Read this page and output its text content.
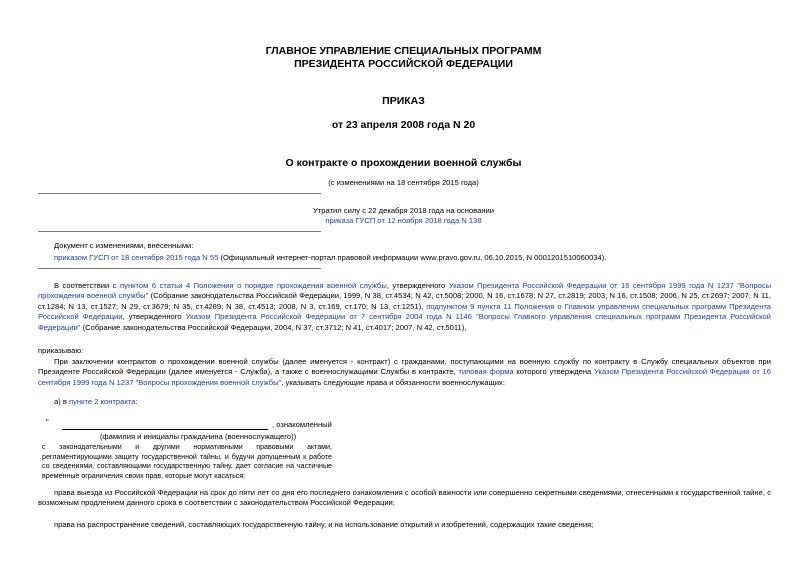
ГЛАВНОЕ УПРАВЛЕНИЕ СПЕЦИАЛЬНЫХ ПРОГРАММ
ПРЕЗИДЕНТА РОССИЙСКОЙ ФЕДЕРАЦИИ
ПРИКАЗ
от 23 апреля 2008 года N 20
О контракте о прохождении военной службы
(с изменениями на 18 сентября 2015 года)
Утратил силу с 22 декабря 2018 года на основании
приказа ГУСП от 12 ноября 2018 года N 138
Документ с изменениями, внесенными:
приказом ГУСП от 18 сентября 2015 года N 55 (Официальный интернет-портал правовой информации www.pravo.gov.ru, 06.10.2015, N 0001201510060034).
В соответствии с пунктом 6 статьи 4 Положения о порядке прохождения военной службы, утвержденного Указом Президента Российской Федерации от 16 сентября 1999 года N 1237 "Вопросы прохождения военной службы" (Собрание законодательства Российской Федерации, 1999, N 38, ст.4534; N 42, ст.5008; 2000, N 16, ст.1678; N 27, ст.2819; 2003, N 16, ст.1508; 2006, N 25, ст.2697; 2007, N 11, ст.1284; N 13, ст.1527; N 29, ст.3679; N 35, ст.4289; N 38, ст.4513; 2008, N 3, ст.169, ст.170; N 13, ст.1251), подпунктом 9 пункта 11 Положения о Главном управлении специальных программ Президента Российской Федерации, утвержденного Указом Президента Российской Федерации от 7 сентября 2004 года N 1146 "Вопросы Главного управления специальных программ Президента Российской Федерации" (Собрание законодательства Российской Федерации, 2004, N 37, ст.3712; N 41, ст.4017; 2007, N 42, ст.5011),
приказываю:
При заключении контрактов о прохождении военной службы (далее именуется - контракт) с гражданами, поступающими на военную службу по контракту в Службу специальных объектов при Президенте Российской Федерации (далее именуется - Служба), а также с военнослужащими Службы в контракте, типовая форма которого утверждена Указом Президента Российской Федерации от 16 сентября 1999 года N 1237 "Вопросы прохождения военной службы", указывать следующие права и обязанности военнослужащих:
а) в пункте 2 контракта:
"	, ознакомленный
(фамилия и инициалы гражданина (военнослужащего))
с законодательными и другими нормативными правовыми актами, регламентирующими защиту государственной тайны, и будучи допущенным к работе со сведениями, составляющими государственную тайну, дает согласие на частичные временные ограничения своих прав, которые могут касаться:
права выезда из Российской Федерации на срок до пяти лет со дня его последнего ознакомления с особой важности или совершенно секретными сведениями, отнесенными к государственной тайне, с возможным продлением данного срока в соответствии с законодательством Российской Федерации;
права на распространение сведений, составляющих государственную тайну, и на использование открытий и изобретений, содержащих такие сведения;
